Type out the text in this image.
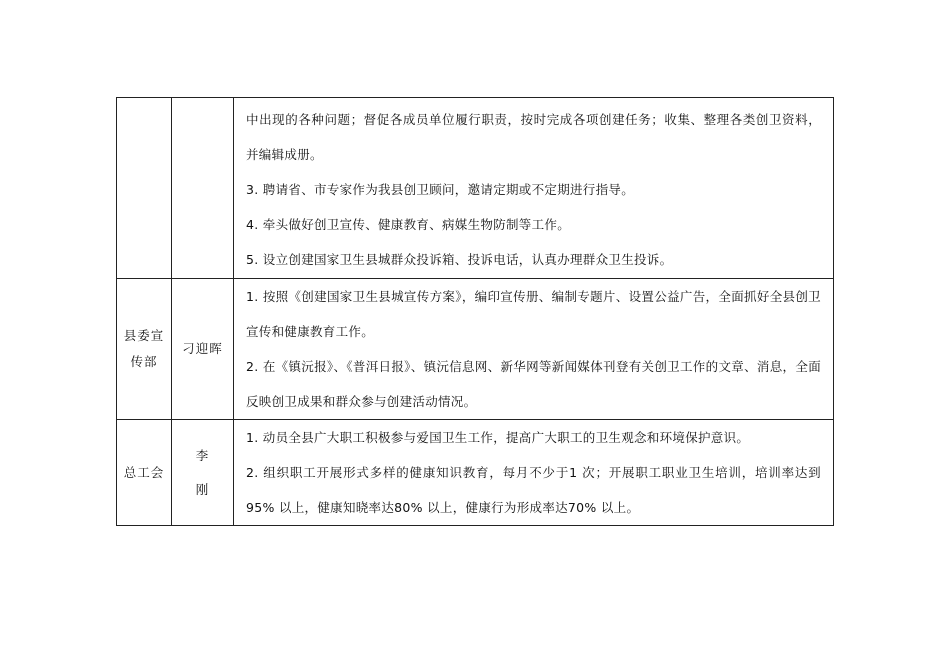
		中出现的各种问题；督促各成员单位履行职责，按时完成各项创建任务；收集、整理各类创卫资料，并编辑成册。
3. 聘请省、市专家作为我县创卫顾问，邀请定期或不定期进行指导。
4. 牵头做好创卫宣传、健康教育、病媒生物防制等工作。
5. 设立创建国家卫生县城群众投诉箱、投诉电话，认真办理群众卫生投诉。

县委宣传部	刁迎晖	1. 按照《创建国家卫生县城宣传方案》，编印宣传册、编制专题片、设置公益广告，全面抓好全县创卫宣传和健康教育工作。
2. 在《镇沅报》、《普洱日报》、镇沅信息网、新华网等新闻媒体刊登有关创卫工作的文章、消息，全面反映创卫成果和群众参与创建活动情况。

总工会	李刚	1. 动员全县广大职工积极参与爱国卫生工作，提高广大职工的卫生观念和环境保护意识。
2. 组织职工开展形式多样的健康知识教育，每月不少于1 次；开展职工职业卫生培训，培训率达到95% 以上，健康知晓率达80% 以上，健康行为形成率达70% 以上。
